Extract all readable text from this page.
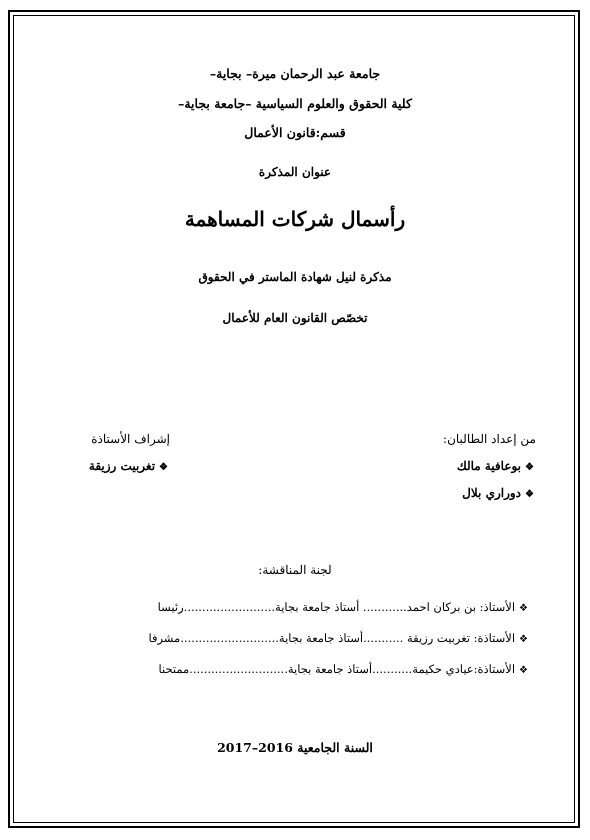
جامعة عبد الرحمان ميرة– بجاية–
كلية الحقوق والعلوم السياسية –جامعة بجاية–
قسم:قانون الأعمال
عنوان المذكرة
رأسمال شركات المساهمة
مذكرة لنيل شهادة الماستر في الحقوق
تخصّص القانون العام للأعمال
من إعداد الطالبان:
إشراف الأستاذة
❖بوعافية مالك
❖تغربيت رزيقة
❖دوراري بلال
لجنة المناقشة:
❖الأستاذ: بن بركان احمد............ أستاذ جامعة بجاية.........................رئيسا
❖الأستاذة: تغربيت رزيقة ...........أستاذ جامعة بجاية...........................مشرفا
❖الأستاذة:عيادي حكيمة...........أستاذ جامعة بجاية...........................ممتحنا
السنة الجامعية 2016–2017
